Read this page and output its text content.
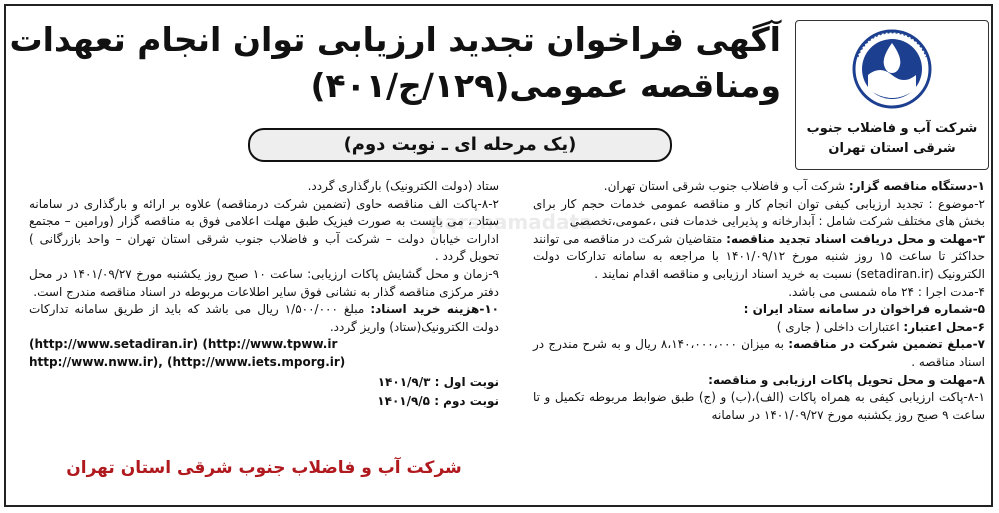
parsnamadata
شرکت آب و فاضلاب جنوب
شرقی استان تهران
آگهی فراخوان تجدید ارزیابی توان انجام تعهدات
ومناقصه عمومی(۱۲۹/ج/۴۰۱)
(یک مرحله ای ـ نوبت دوم)
۱-دستگاه مناقصه گزار: شرکت آب و فاضلاب جنوب شرقی استان تهران.
۲-موضوع : تجدید ارزیابی کیفی توان انجام کار و مناقصه عمومی خدمات حجم کار برای بخش های مختلف شرکت شامل : آبدارخانه و پذیرایی خدمات فنی ،عمومی،تخصصی
۳-مهلت و محل دریافت اسناد تجدید مناقصه: متقاضیان شرکت در مناقصه می توانند حداکثر تا ساعت ۱۵ روز شنبه مورخ ۱۴۰۱/۰۹/۱۲ با مراجعه به سامانه تدارکات دولت الکترونیک (setadiran.ir) نسبت به خرید اسناد ارزیابی و مناقصه اقدام نمایند .
۴-مدت اجرا : ۲۴ ماه شمسی می باشد.
۵-شماره فراخوان در سامانه ستاد ایران :
۶-محل اعتبار: اعتبارات داخلی ( جاری )
۷-مبلغ تضمین شرکت در مناقصه: به میزان ۸،۱۴۰،۰۰۰،۰۰۰ ریال و به شرح مندرج در اسناد مناقصه .
۸-مهلت و محل تحویل پاکات ارزیابی و مناقصه:
۸-۱-پاکت ارزیابی کیفی به همراه پاکات (الف)،(ب) و (ج) طبق ضوابط مربوطه تکمیل و تا ساعت ۹ صبح روز یکشنبه مورخ ۱۴۰۱/۰۹/۲۷ در سامانه
ستاد (دولت الکترونیک) بارگذاری گردد.
۸-۲-پاکت الف مناقصه حاوی (تضمین شرکت درمناقصه) علاوه بر ارائه و بارگذاری در سامانه ستاد ، می بایست به صورت فیزیک طبق مهلت اعلامی فوق به مناقصه گزار (ورامین – مجتمع ادارات خیابان دولت – شرکت آب و فاضلاب جنوب شرقی استان تهران – واحد بازرگانی ) تحویل گردد .
۹-زمان و محل گشایش پاکات ارزیابی: ساعت ۱۰ صبح روز یکشنبه مورخ ۱۴۰۱/۰۹/۲۷ در محل دفتر مرکزی مناقصه گذار به نشانی فوق سایر اطلاعات مربوطه در اسناد مناقصه مندرج است.
۱۰-هزینه خرید اسناد: مبلغ ۱/۵۰۰/۰۰۰ ریال می باشد که باید از طریق سامانه تدارکات دولت الکترونیک(ستاد) واریز گردد.
(http://www.setadiran.ir) (http://www.tpww.ir
http://www.nww.ir), (http://www.iets.mporg.ir)
نوبت اول : ۱۴۰۱/۹/۳
نوبت دوم : ۱۴۰۱/۹/۵
شرکت آب و فاضلاب جنوب شرقی استان تهران
